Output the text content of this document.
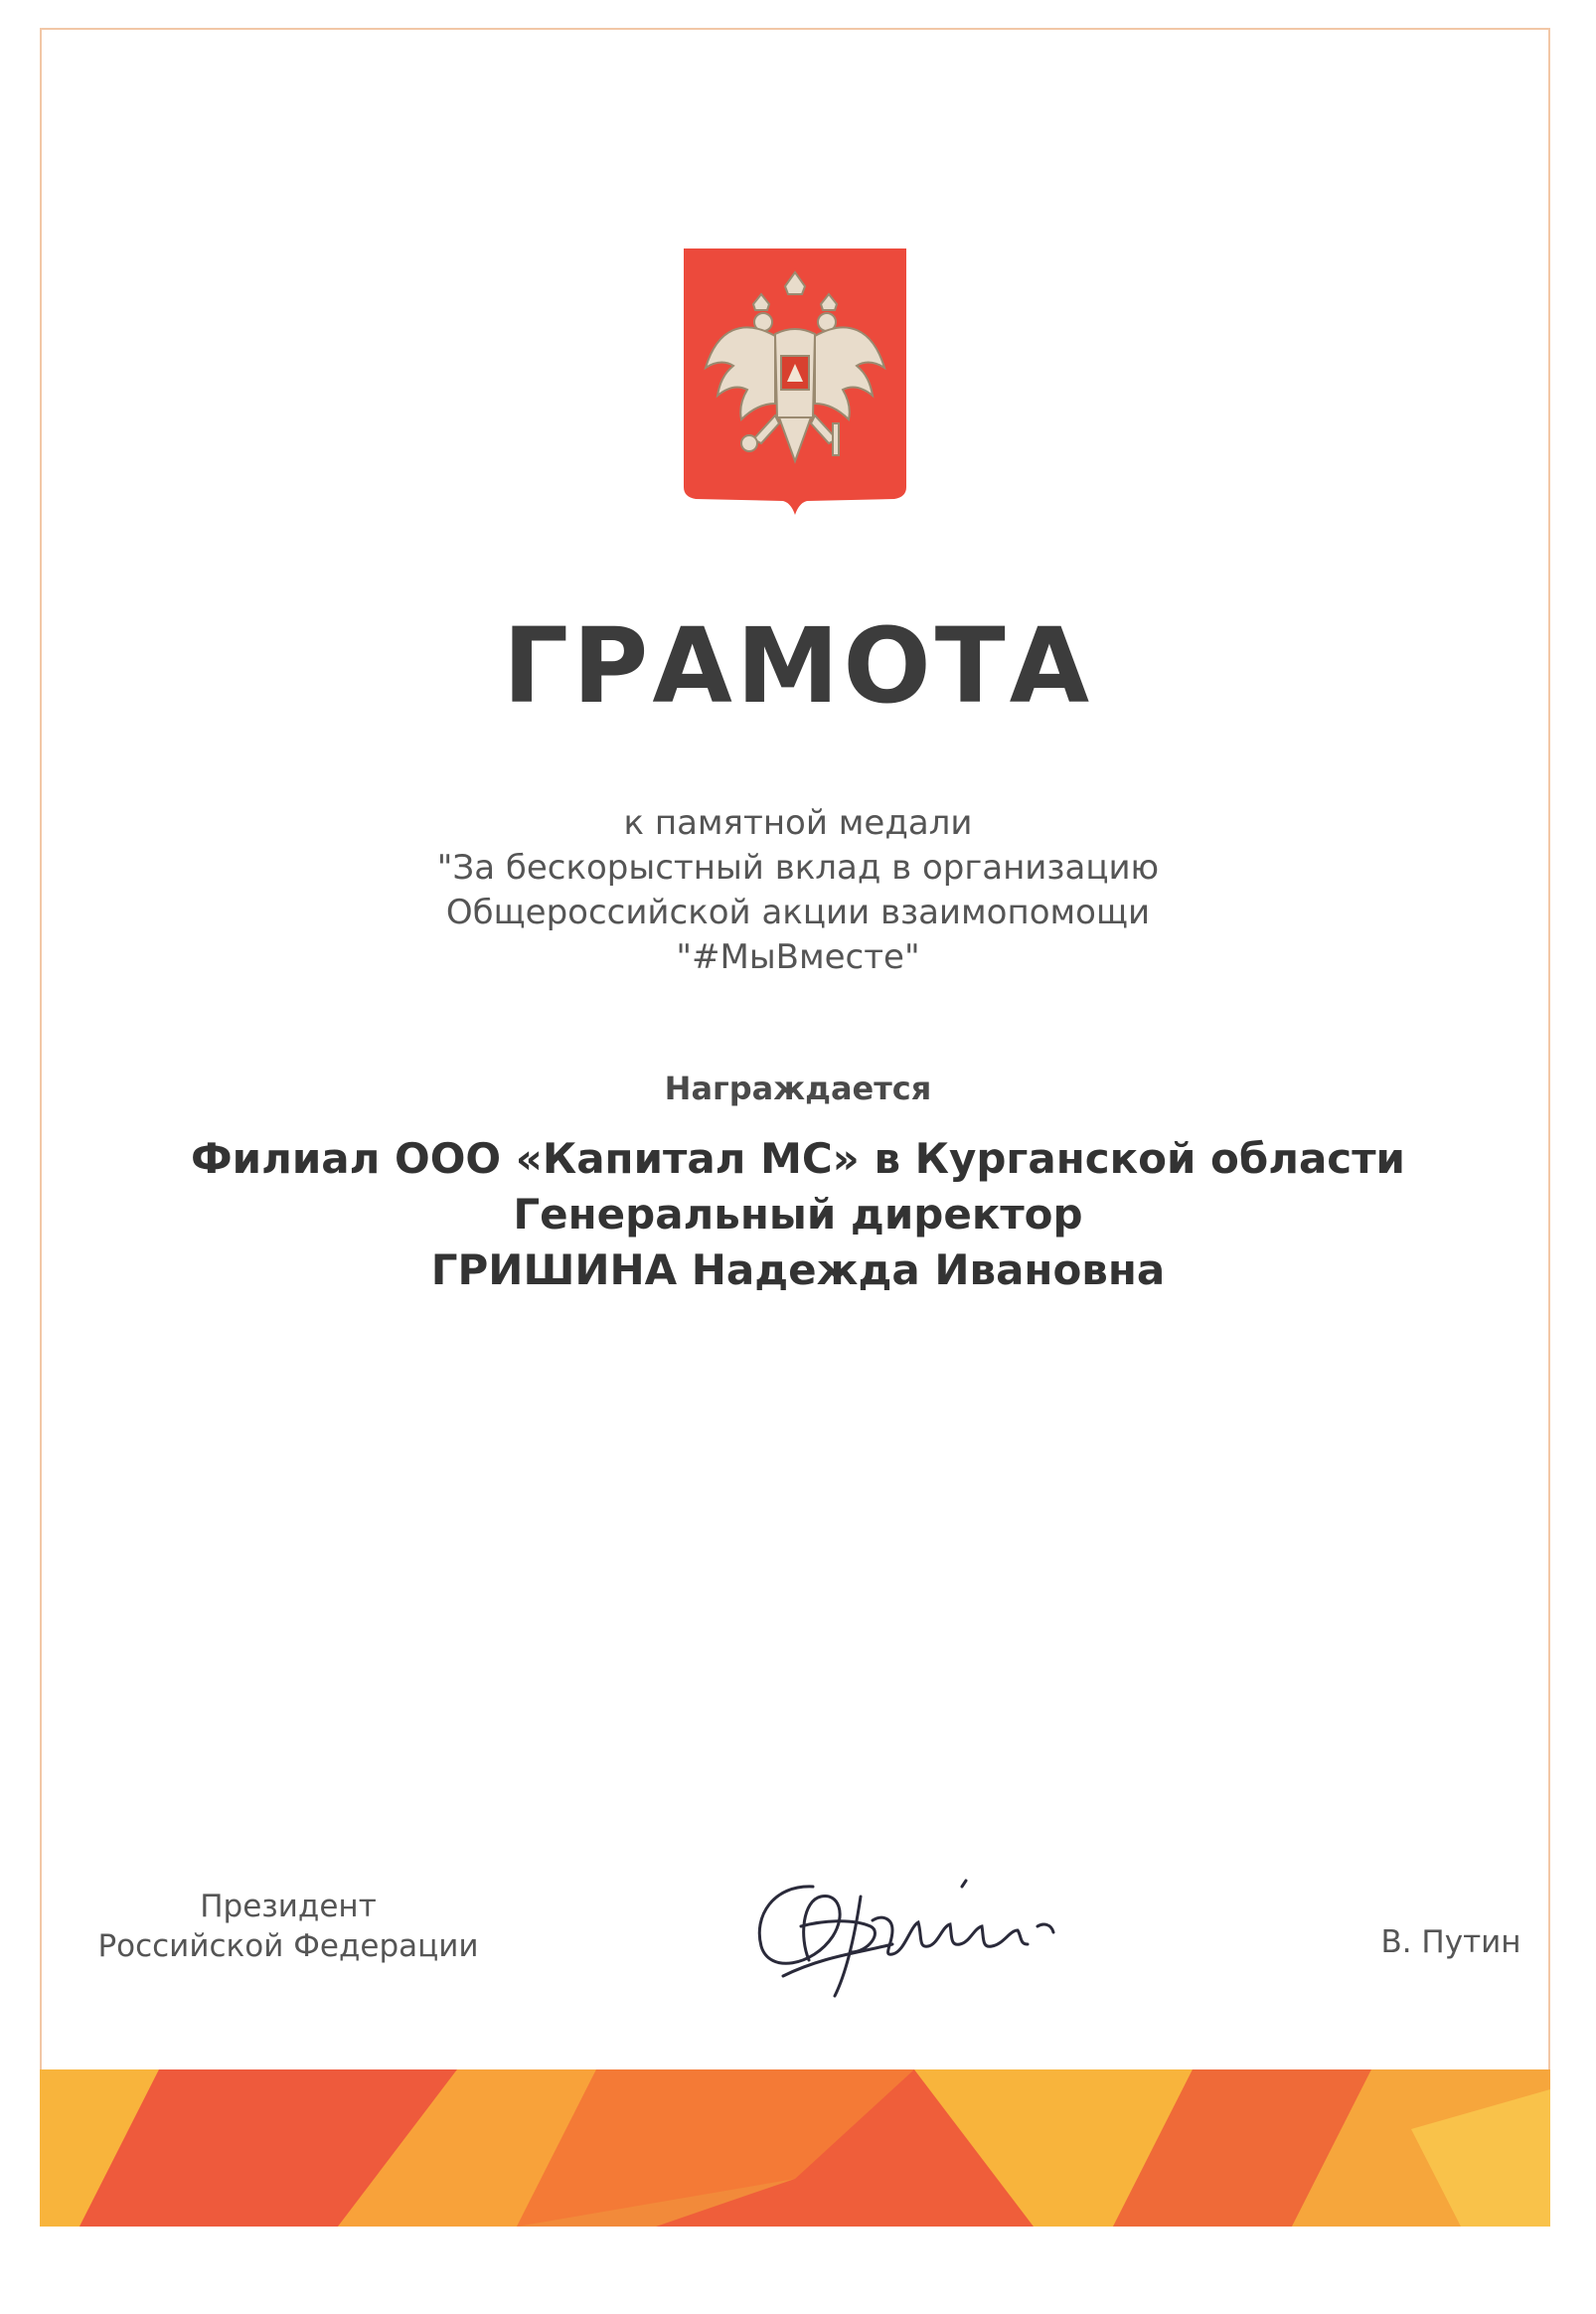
ГРАМОТА
к памятной медали
"За бескорыстный вклад в организацию
Общероссийской акции взаимопомощи
"#МыВместе"
Награждается
Филиал ООО «Капитал МС» в Курганской области
Генеральный директор
ГРИШИНА Надежда Ивановна
Президент
Российской Федерации	В. Путин
